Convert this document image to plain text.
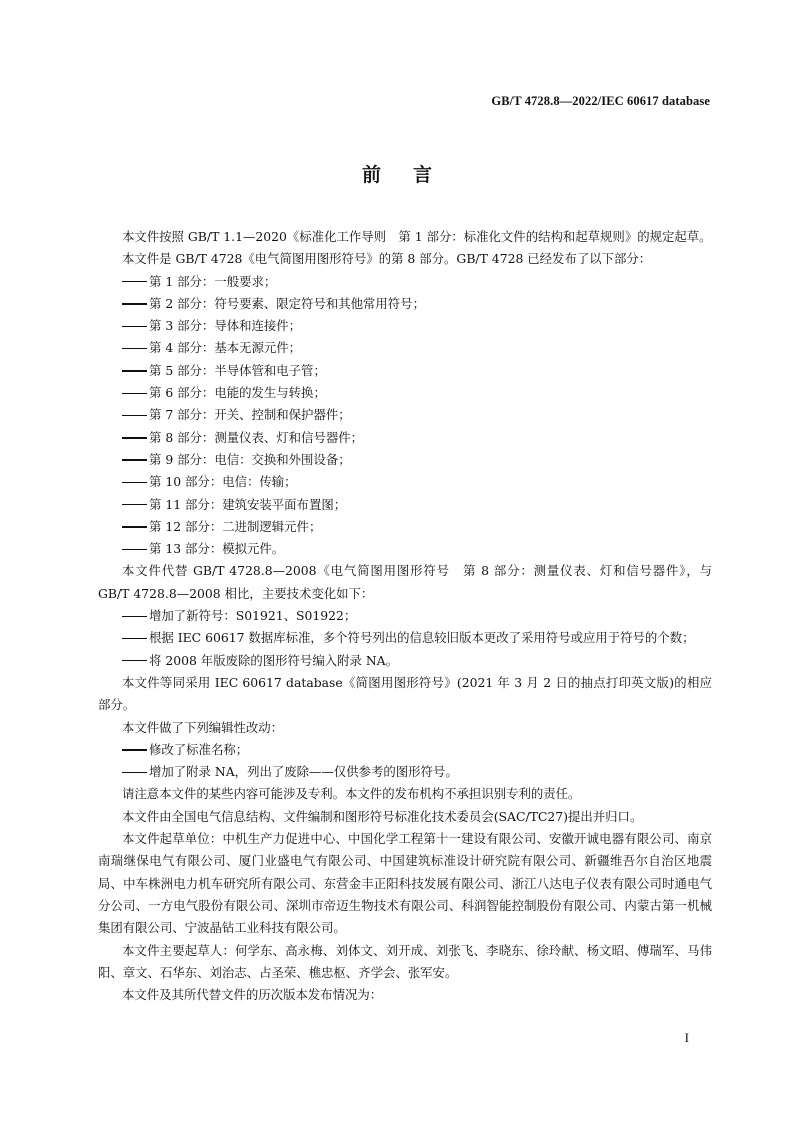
GB/T 4728.8—2022/IEC 60617 database
前言

本文件按照 GB/T 1.1—2020《标准化工作导则　第 1 部分：标准化文件的结构和起草规则》的规定起草。

本文件是 GB/T 4728《电气简图用图形符号》的第 8 部分。GB/T 4728 已经发布了以下部分：

第 1 部分：一般要求；
第 2 部分：符号要素、限定符号和其他常用符号；
第 3 部分：导体和连接件；
第 4 部分：基本无源元件；
第 5 部分：半导体管和电子管；
第 6 部分：电能的发生与转换；
第 7 部分：开关、控制和保护器件；
第 8 部分：测量仪表、灯和信号器件；
第 9 部分：电信：交换和外围设备；
第 10 部分：电信：传输；
第 11 部分：建筑安装平面布置图；
第 12 部分：二进制逻辑元件；
第 13 部分：模拟元件。

本文件代替 GB/T 4728.8—2008《电气简图用图形符号　第 8 部分：测量仪表、灯和信号器件》，与 GB/T 4728.8—2008 相比，主要技术变化如下：

增加了新符号：S01921、S01922；
根据 IEC 60617 数据库标准，多个符号列出的信息较旧版本更改了采用符号或应用于符号的个数；
将 2008 年版废除的图形符号编入附录 NA。

本文件等同采用 IEC 60617 database《简图用图形符号》(2021 年 3 月 2 日的抽点打印英文版)的相应部分。

本文件做了下列编辑性改动：

修改了标准名称；
增加了附录 NA，列出了废除——仅供参考的图形符号。

请注意本文件的某些内容可能涉及专利。本文件的发布机构不承担识别专利的责任。

本文件由全国电气信息结构、文件编制和图形符号标准化技术委员会(SAC/TC27)提出并归口。

本文件起草单位：中机生产力促进中心、中国化学工程第十一建设有限公司、安徽开诚电器有限公司、南京南瑞继保电气有限公司、厦门业盛电气有限公司、中国建筑标准设计研究院有限公司、新疆维吾尔自治区地震局、中车株洲电力机车研究所有限公司、东营金丰正阳科技发展有限公司、浙江八达电子仪表有限公司时通电气分公司、一方电气股份有限公司、深圳市帝迈生物技术有限公司、科润智能控制股份有限公司、内蒙古第一机械集团有限公司、宁波晶钻工业科技有限公司。

本文件主要起草人：何学东、高永梅、刘体文、刘开成、刘张飞、李晓东、徐玲献、杨文昭、傅瑞军、马伟阳、章文、石华东、刘治志、占圣荣、樵忠枢、齐学会、张军安。

本文件及其所代替文件的历次版本发布情况为：

I
